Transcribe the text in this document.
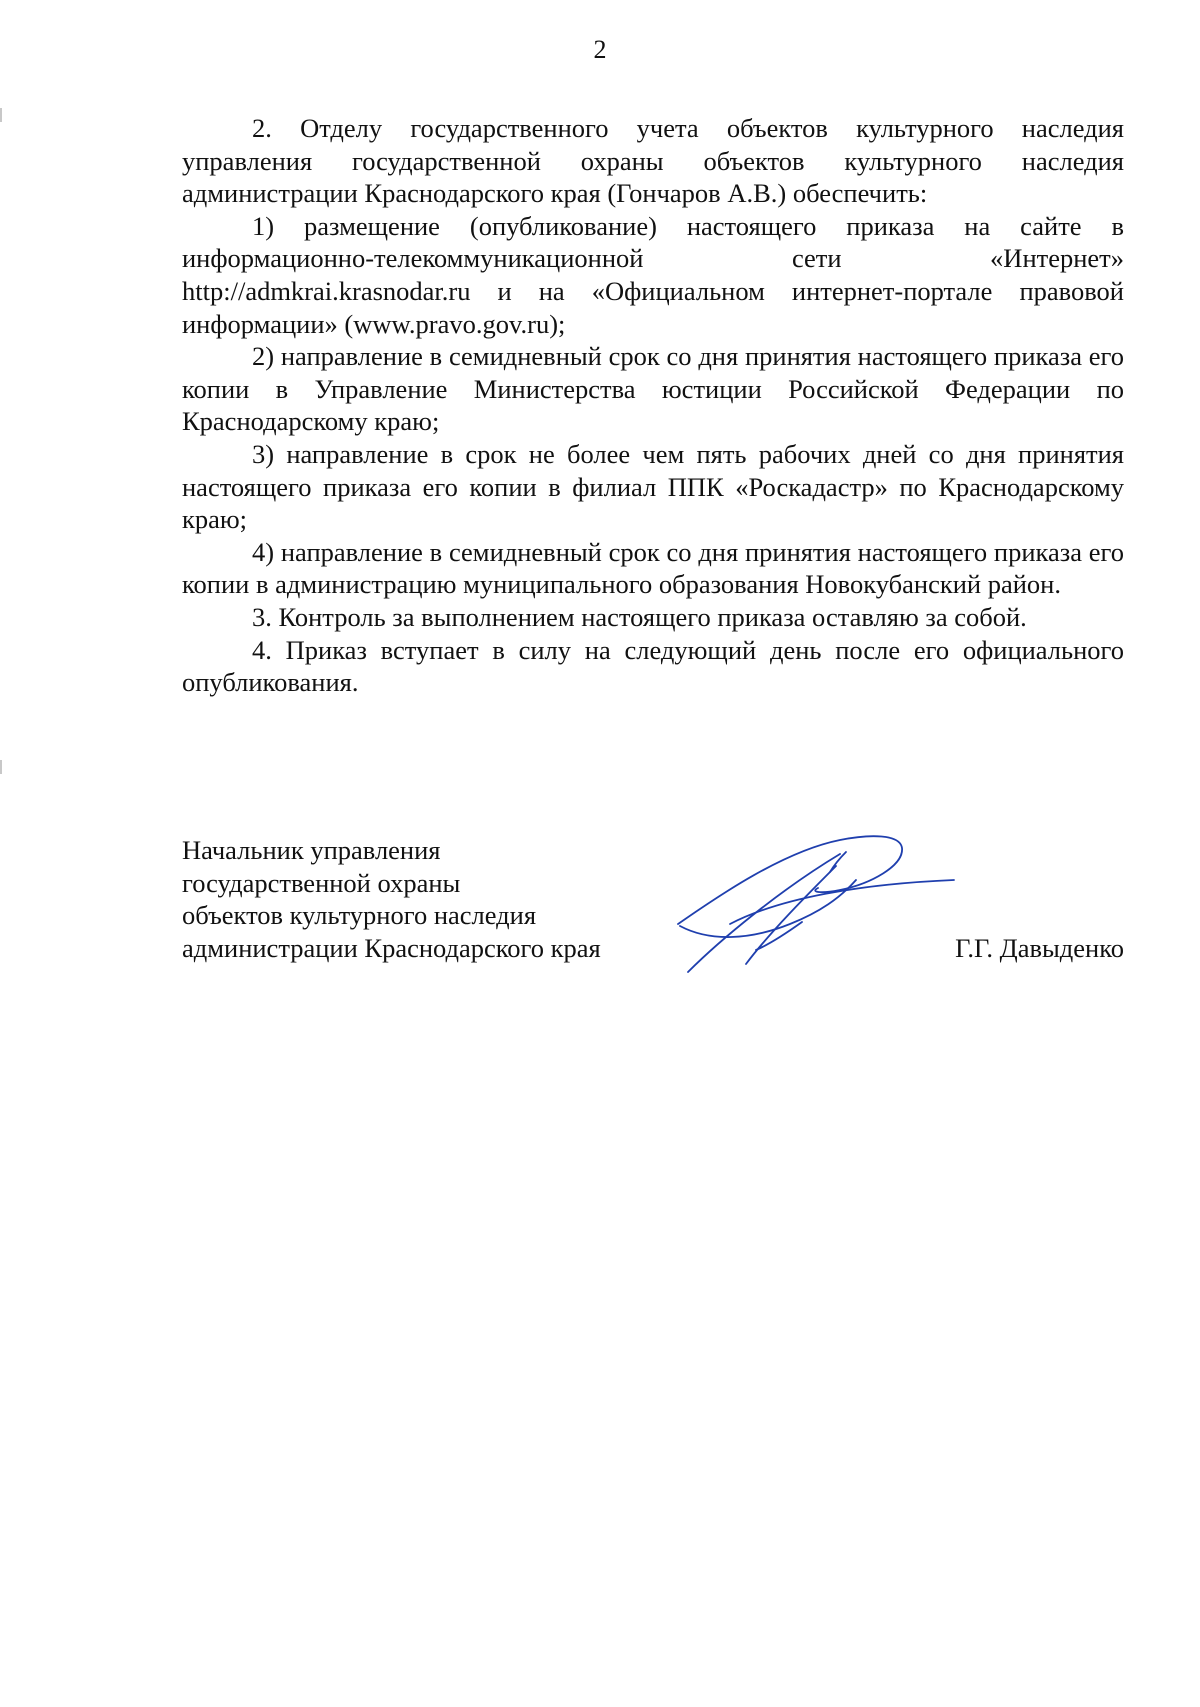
2

2. Отделу государственного учета объектов культурного наследия управления государственной охраны объектов культурного наследия администрации Краснодарского края (Гончаров А.В.) обеспечить:

1) размещение (опубликование) настоящего приказа на сайте в информационно-телекоммуникационной сети «Интернет» http://admkrai.krasnodar.ru и на «Официальном интернет-портале правовой информации» (www.pravo.gov.ru);

2) направление в семидневный срок со дня принятия настоящего приказа его копии в Управление Министерства юстиции Российской Федерации по Краснодарскому краю;

3) направление в срок не более чем пять рабочих дней со дня принятия настоящего приказа его копии в филиал ППК «Роскадастр» по Краснодарскому краю;

4) направление в семидневный срок со дня принятия настоящего приказа его копии в администрацию муниципального образования Новокубанский район.

3. Контроль за выполнением настоящего приказа оставляю за собой.

4. Приказ вступает в силу на следующий день после его официального опубликования.

Начальник управления
государственной охраны
объектов культурного наследия
администрации Краснодарского края	Г.Г. Давыденко
